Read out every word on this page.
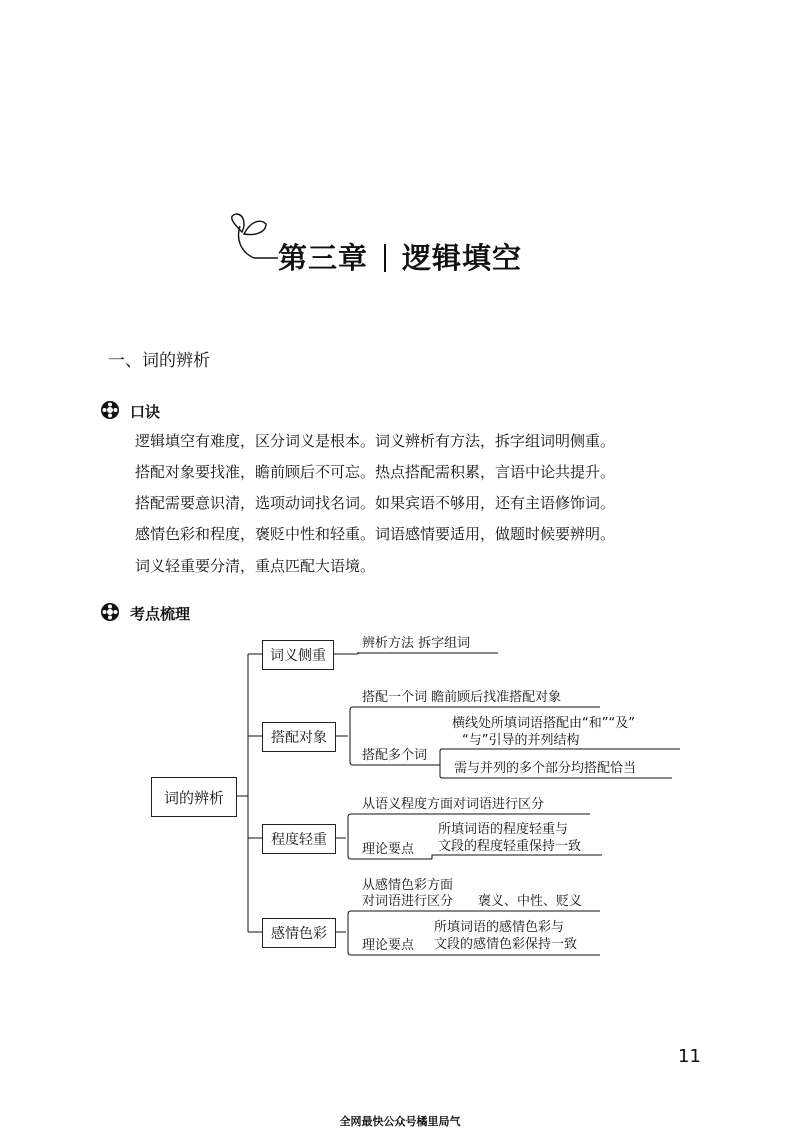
第三章 逻辑填空
一、词的辨析
口诀
逻辑填空有难度，区分词义是根本。词义辨析有方法，拆字组词明侧重。
搭配对象要找准，瞻前顾后不可忘。热点搭配需积累，言语中论共提升。
搭配需要意识清，选项动词找名词。如果宾语不够用，还有主语修饰词。
感情色彩和程度，褒贬中性和轻重。词语感情要适用，做题时候要辨明。
词义轻重要分清，重点匹配大语境。
考点梳理
词的辨析
词义侧重
搭配对象
程度轻重
感情色彩
辨析方法 拆字组词
搭配一个词 瞻前顾后找准搭配对象
搭配多个词
横线处所填词语搭配由“和”“及”
“与”引导的并列结构
需与并列的多个部分均搭配恰当
从语义程度方面对词语进行区分
理论要点
所填词语的程度轻重与
文段的程度轻重保持一致
从感情色彩方面
对词语进行区分 褒义、中性、贬义
理论要点
所填词语的感情色彩与
文段的感情色彩保持一致
11
全网最快公众号橘里局气
